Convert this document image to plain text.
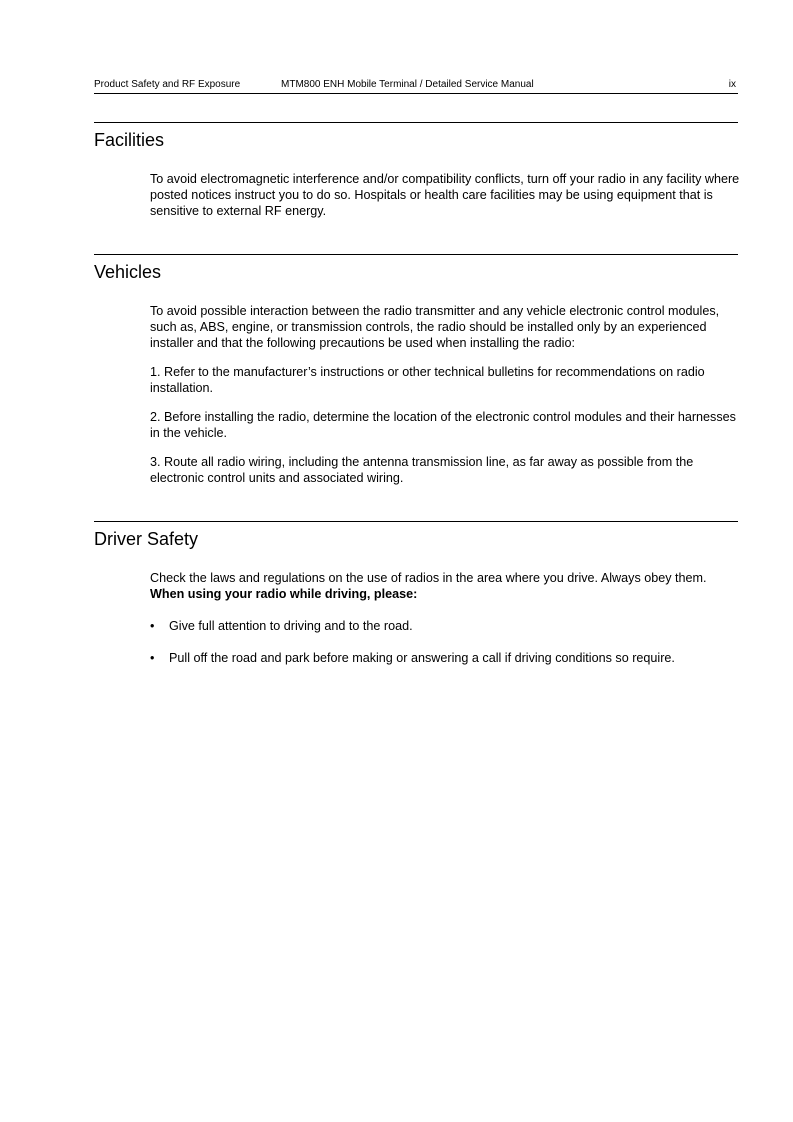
Product Safety and RF Exposure	MTM800 ENH Mobile Terminal / Detailed Service Manual	ix
Facilities

To avoid electromagnetic interference and/or compatibility conflicts, turn off your radio in any facility where posted notices instruct you to do so. Hospitals or health care facilities may be using equipment that is sensitive to external RF energy.

Vehicles

To avoid possible interaction between the radio transmitter and any vehicle electronic control modules, such as, ABS, engine, or transmission controls, the radio should be installed only by an experienced installer and that the following precautions be used when installing the radio:

1. Refer to the manufacturer’s instructions or other technical bulletins for recommendations on radio installation.

2. Before installing the radio, determine the location of the electronic control modules and their harnesses in the vehicle.

3. Route all radio wiring, including the antenna transmission line, as far away as possible from the electronic control units and associated wiring.

Driver Safety

Check the laws and regulations on the use of radios in the area where you drive. Always obey them.
When using your radio while driving, please:

• Give full attention to driving and to the road.
• Pull off the road and park before making or answering a call if driving conditions so require.
